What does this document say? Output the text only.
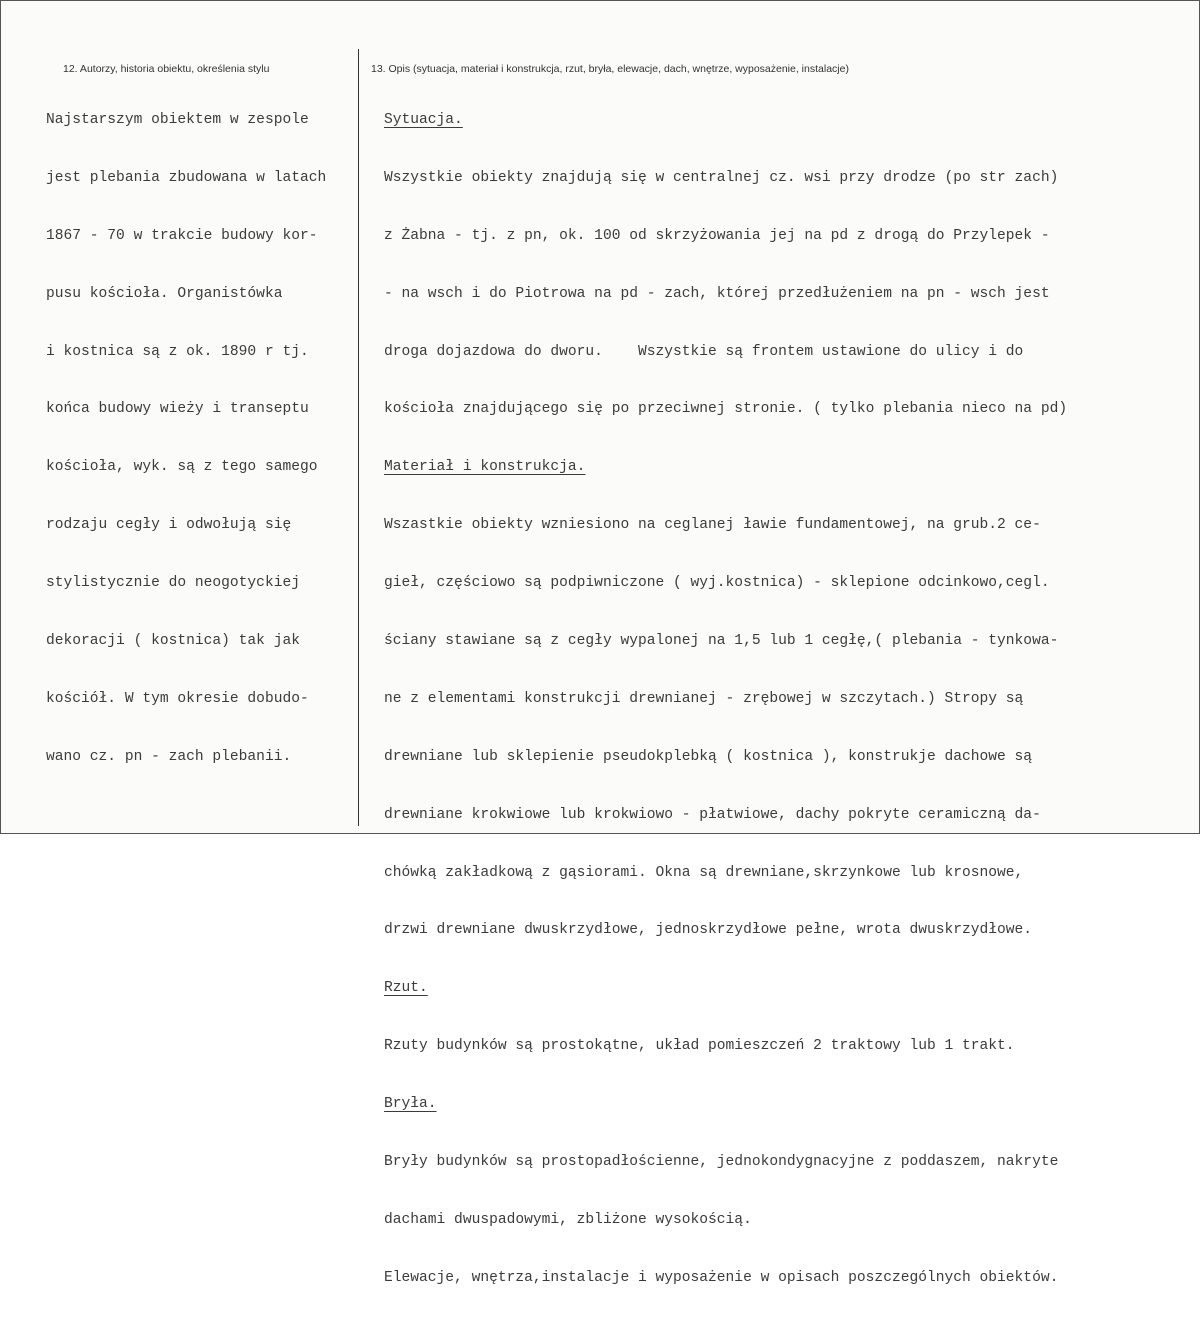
12. Autorzy, historia obiektu, określenia stylu	13. Opis (sytuacja, materiał i konstrukcja, rzut, bryła, elewacje, dach, wnętrze, wyposażenie, instalacje)

Najstarszym obiektem w zespole

jest plebania zbudowana w latach

1867 - 70 w trakcie budowy kor-

pusu kościoła. Organistówka

i kostnica są z ok. 1890 r tj.

końca budowy wieży i transeptu

kościoła, wyk. są z tego samego

rodzaju cegły i odwołują się

stylistycznie do neogotyckiej

dekoracji ( kostnica) tak jak

kościół. W tym okresie dobudo-

wano cz. pn - zach plebanii.

Sytuacja.

Wszystkie obiekty znajdują się w centralnej cz. wsi przy drodze (po str zach)

z Żabna - tj. z pn, ok. 100 od skrzyżowania jej na pd z drogą do Przylepek -

- na wsch i do Piotrowa na pd - zach, której przedłużeniem na pn - wsch jest

droga dojazdowa do dworu.    Wszystkie są frontem ustawione do ulicy i do

kościoła znajdującego się po przeciwnej stronie. ( tylko plebania nieco na pd)

Materiał i konstrukcja.

Wszastkie obiekty wzniesiono na ceglanej ławie fundamentowej, na grub.2 ce-

gieł, częściowo są podpiwniczone ( wyj.kostnica) - sklepione odcinkowo,cegl.

ściany stawiane są z cegły wypalonej na 1,5 lub 1 cegłę,( plebania - tynkowa-

ne z elementami konstrukcji drewnianej - zrębowej w szczytach.) Stropy są

drewniane lub sklepienie pseudokplebką ( kostnica ), konstrukje dachowe są

drewniane krokwiowe lub krokwiowo - płatwiowe, dachy pokryte ceramiczną da-

chówką zakładkową z gąsiorami. Okna są drewniane,skrzynkowe lub krosnowe,

drzwi drewniane dwuskrzydłowe, jednoskrzydłowe pełne, wrota dwuskrzydłowe.

Rzut.

Rzuty budynków są prostokątne, układ pomieszczeń 2 traktowy lub 1 trakt.

Bryła.

Bryły budynków są prostopadłościenne, jednokondygnacyjne z poddaszem, nakryte

dachami dwuspadowymi, zbliżone wysokością.

Elewacje, wnętrza,instalacje i wyposażenie w opisach poszczególnych obiektów.
